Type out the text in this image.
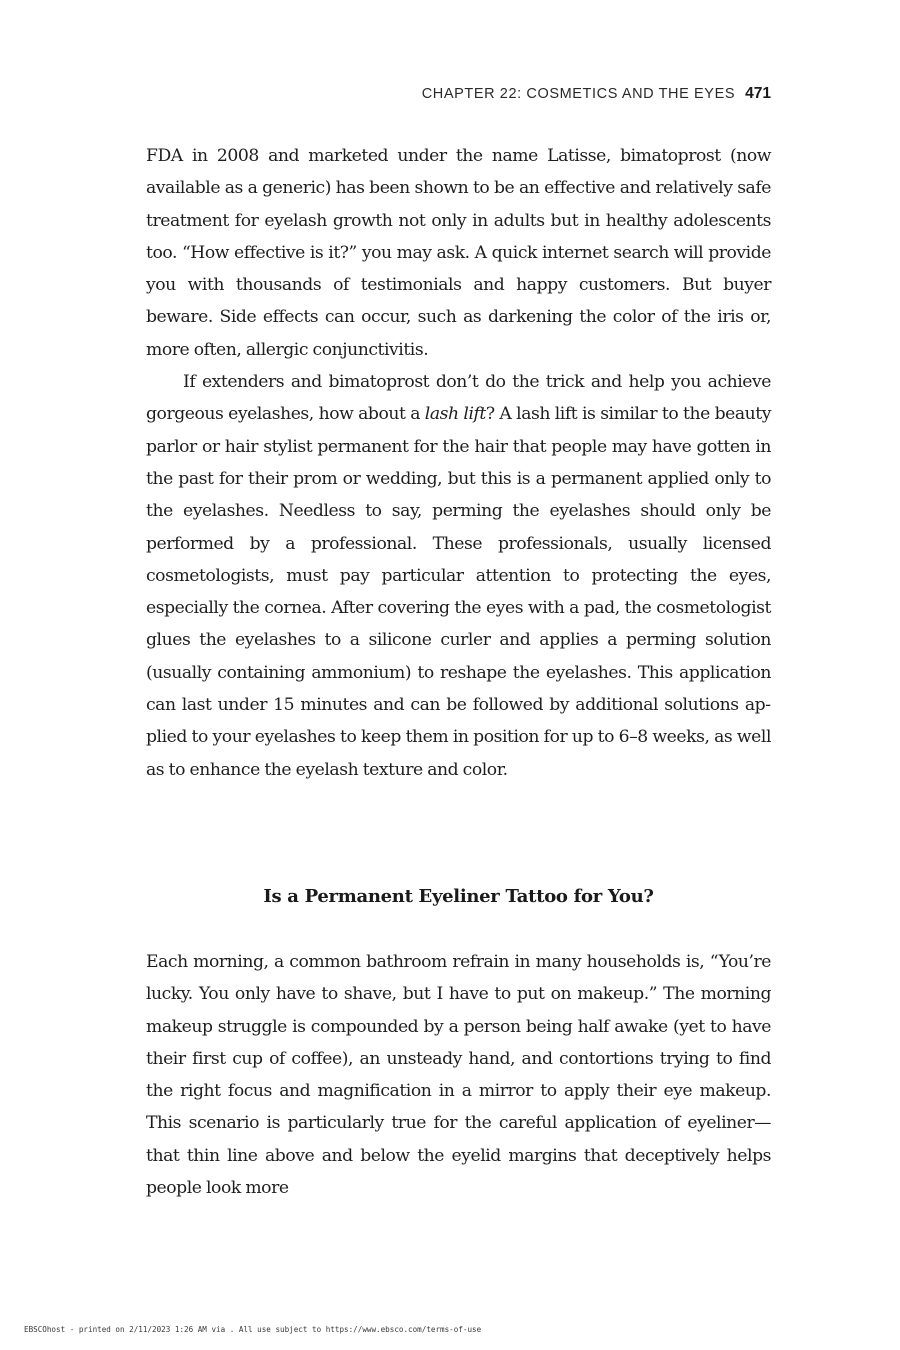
CHAPTER 22: COSMETICS AND THE EYES 471

FDA in 2008 and marketed under the name Latisse, bimatoprost (now available as a generic) has been shown to be an effective and relatively safe treatment for eyelash growth not only in adults but in healthy adolescents too. “How effective is it?” you may ask. A quick internet search will provide you with thousands of testimonials and happy customers. But buyer beware. Side effects can occur, such as darkening the color of the iris or, more often, allergic conjunctivitis.

If extenders and bimatoprost don’t do the trick and help you achieve gorgeous eyelashes, how about a lash lift? A lash lift is similar to the beauty parlor or hair stylist permanent for the hair that people may have gotten in the past for their prom or wedding, but this is a permanent applied only to the eyelashes. Needless to say, perming the eyelashes should only be performed by a professional. These professionals, usually licensed cosmetologists, must pay particular attention to protecting the eyes, especially the cornea. After covering the eyes with a pad, the cosmetologist glues the eyelashes to a silicone curler and applies a perming solution (usually containing ammonium) to reshape the eyelashes. This application can last under 15 minutes and can be followed by additional solutions applied to your eyelashes to keep them in position for up to 6–8 weeks, as well as to enhance the eyelash texture and color.

Is a Permanent Eyeliner Tattoo for You?

Each morning, a common bathroom refrain in many households is, “You’re lucky. You only have to shave, but I have to put on makeup.” The morning makeup struggle is compounded by a person being half awake (yet to have their first cup of coffee), an unsteady hand, and contortions trying to find the right focus and magnification in a mirror to apply their eye makeup. This scenario is particularly true for the careful application of eyeliner—that thin line above and below the eyelid margins that deceptively helps people look more

EBSCOhost - printed on 2/11/2023 1:26 AM via . All use subject to https://www.ebsco.com/terms-of-use
